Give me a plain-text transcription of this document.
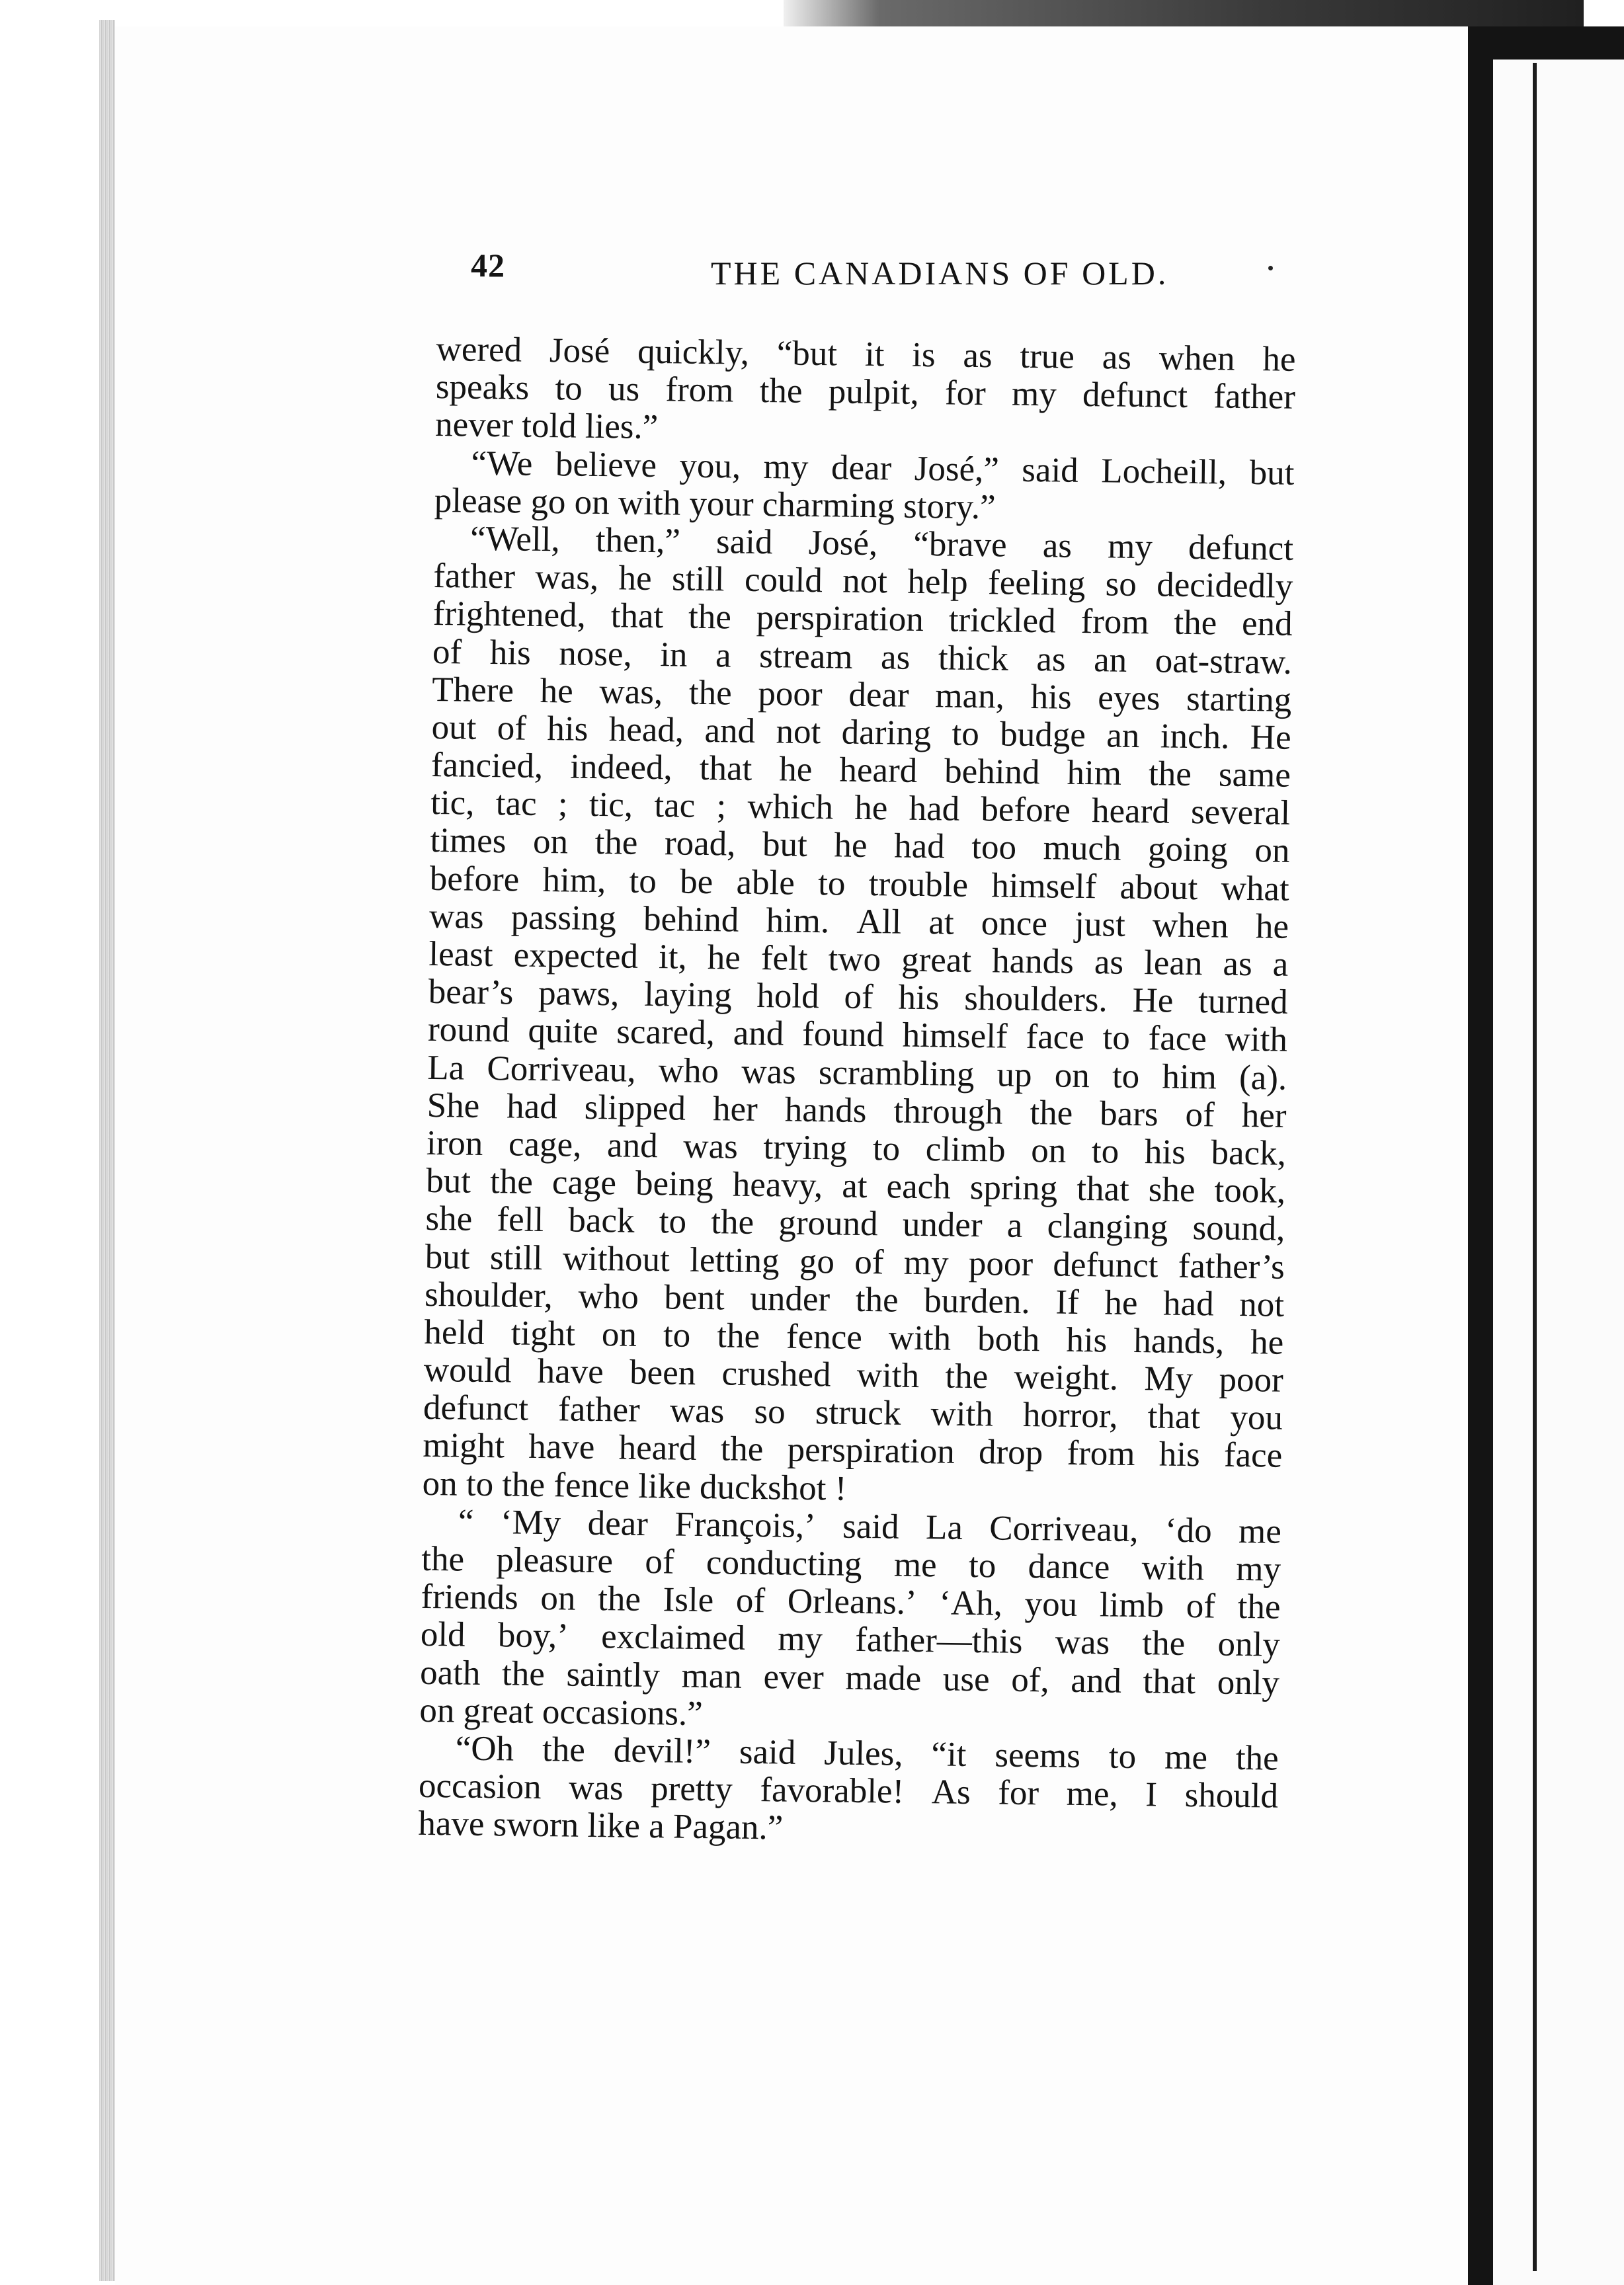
42	THE CANADIANS OF OLD.
wered José quickly, “but it is as true as when he
speaks to us from the pulpit, for my defunct father
never told lies.”
“We believe you, my dear José,” said Locheill, but
please go on with your charming story.”
“Well, then,” said José, “brave as my defunct
father was, he still could not help feeling so decidedly
frightened, that the perspiration trickled from the end
of his nose, in a stream as thick as an oat-straw.
There he was, the poor dear man, his eyes starting
out of his head, and not daring to budge an inch. He
fancied, indeed, that he heard behind him the same
tic, tac ; tic, tac ; which he had before heard several
times on the road, but he had too much going on
before him, to be able to trouble himself about what
was passing behind him. All at once just when he
least expected it, he felt two great hands as lean as a
bear’s paws, laying hold of his shoulders. He turned
round quite scared, and found himself face to face with
La Corriveau, who was scrambling up on to him (a).
She had slipped her hands through the bars of her
iron cage, and was trying to climb on to his back,
but the cage being heavy, at each spring that she took,
she fell back to the ground under a clanging sound,
but still without letting go of my poor defunct father’s
shoulder, who bent under the burden. If he had not
held tight on to the fence with both his hands, he
would have been crushed with the weight. My poor
defunct father was so struck with horror, that you
might have heard the perspiration drop from his face
on to the fence like duckshot !
“ ‘My dear François,’ said La Corriveau, ‘do me
the pleasure of conducting me to dance with my
friends on the Isle of Orleans.’ ‘Ah, you limb of the
old boy,’ exclaimed my father—this was the only
oath the saintly man ever made use of, and that only
on great occasions.”
“Oh the devil!” said Jules, “it seems to me the
occasion was pretty favorable! As for me, I should
have sworn like a Pagan.”
